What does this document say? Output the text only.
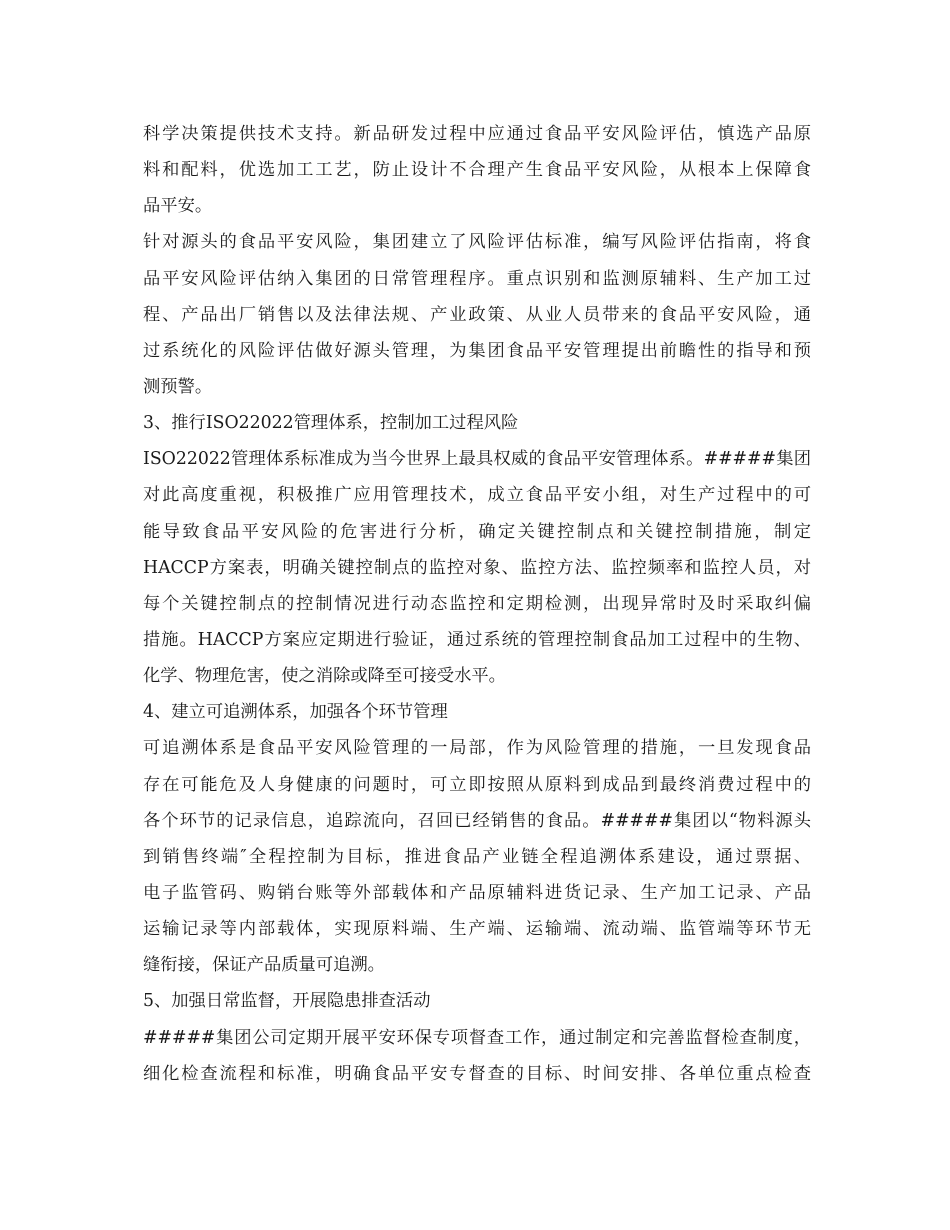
科学决策提供技术支持。新品研发过程中应通过食品平安风险评估，慎选产品原
料和配料，优选加工工艺，防止设计不合理产生食品平安风险，从根本上保障食
品平安。
针对源头的食品平安风险，集团建立了风险评估标准，编写风险评估指南，将食
品平安风险评估纳入集团的日常管理程序。重点识别和监测原辅料、生产加工过
程、产品出厂销售以及法律法规、产业政策、从业人员带来的食品平安风险，通
过系统化的风险评估做好源头管理，为集团食品平安管理提出前瞻性的指导和预
测预警。
3、推行ISO22022管理体系，控制加工过程风险
ISO22022管理体系标准成为当今世界上最具权威的食品平安管理体系。#####集团
对此高度重视，积极推广应用管理技术，成立食品平安小组，对生产过程中的可
能导致食品平安风险的危害进行分析，确定关键控制点和关键控制措施，制定
HACCP方案表，明确关键控制点的监控对象、监控方法、监控频率和监控人员，对
每个关键控制点的控制情况进行动态监控和定期检测，出现异常时及时采取纠偏
措施。HACCP方案应定期进行验证，通过系统的管理控制食品加工过程中的生物、
化学、物理危害，使之消除或降至可接受水平。
4、建立可追溯体系，加强各个环节管理
可追溯体系是食品平安风险管理的一局部，作为风险管理的措施，一旦发现食品
存在可能危及人身健康的问题时，可立即按照从原料到成品到最终消费过程中的
各个环节的记录信息，追踪流向，召回已经销售的食品。#####集团以“物料源头
到销售终端″全程控制为目标，推进食品产业链全程追溯体系建设，通过票据、
电子监管码、购销台账等外部载体和产品原辅料进货记录、生产加工记录、产品
运输记录等内部载体，实现原料端、生产端、运输端、流动端、监管端等环节无
缝衔接，保证产品质量可追溯。
5、加强日常监督，开展隐患排查活动
#####集团公司定期开展平安环保专项督查工作，通过制定和完善监督检查制度，
细化检查流程和标准，明确食品平安专督查的目标、时间安排、各单位重点检查
